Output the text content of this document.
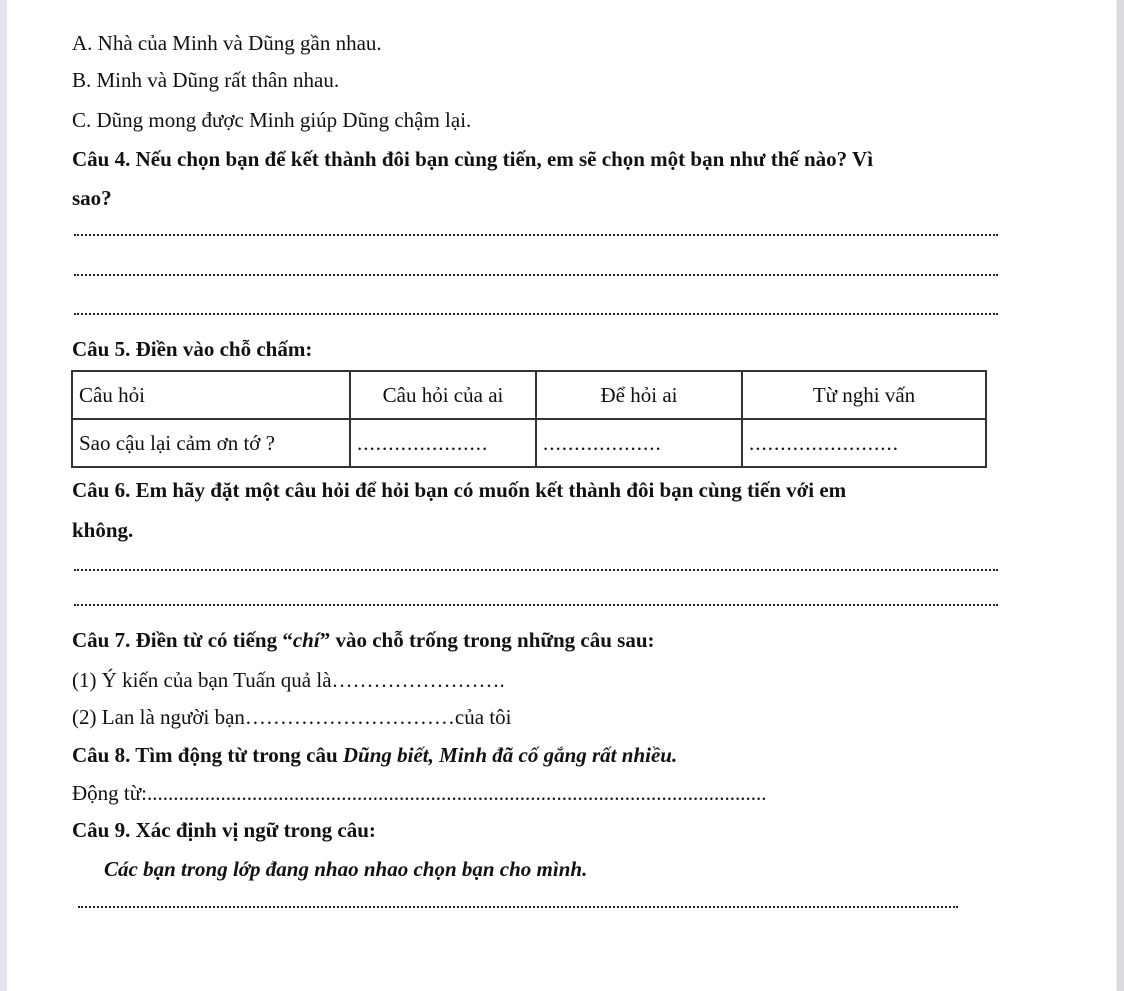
A. Nhà của Minh và Dũng gần nhau.
B. Minh và Dũng rất thân nhau.
C. Dũng mong được Minh giúp Dũng chậm lại.
Câu 4. Nếu chọn bạn để kết thành đôi bạn cùng tiến, em sẽ chọn một bạn như thế nào? Vì
sao?
Câu 5. Điền vào chỗ chấm:
Câu hỏi	Câu hỏi của ai	Để hỏi ai	Từ nghi vấn
Sao cậu lại cảm ơn tớ ?	.....................	...................	........................
Câu 6. Em hãy đặt một câu hỏi để hỏi bạn có muốn kết thành đôi bạn cùng tiến với em
không.
Câu 7. Điền từ có tiếng “chí” vào chỗ trống trong những câu sau:
(1) Ý kiến của bạn Tuấn quả là…………………….
(2) Lan là người bạn…………………………của tôi
Câu 8. Tìm động từ trong câu Dũng biết, Minh đã cố gắng rất nhiều.
Động từ:......................................................................................................................
Câu 9. Xác định vị ngữ trong câu:
Các bạn trong lớp đang nhao nhao chọn bạn cho mình.
